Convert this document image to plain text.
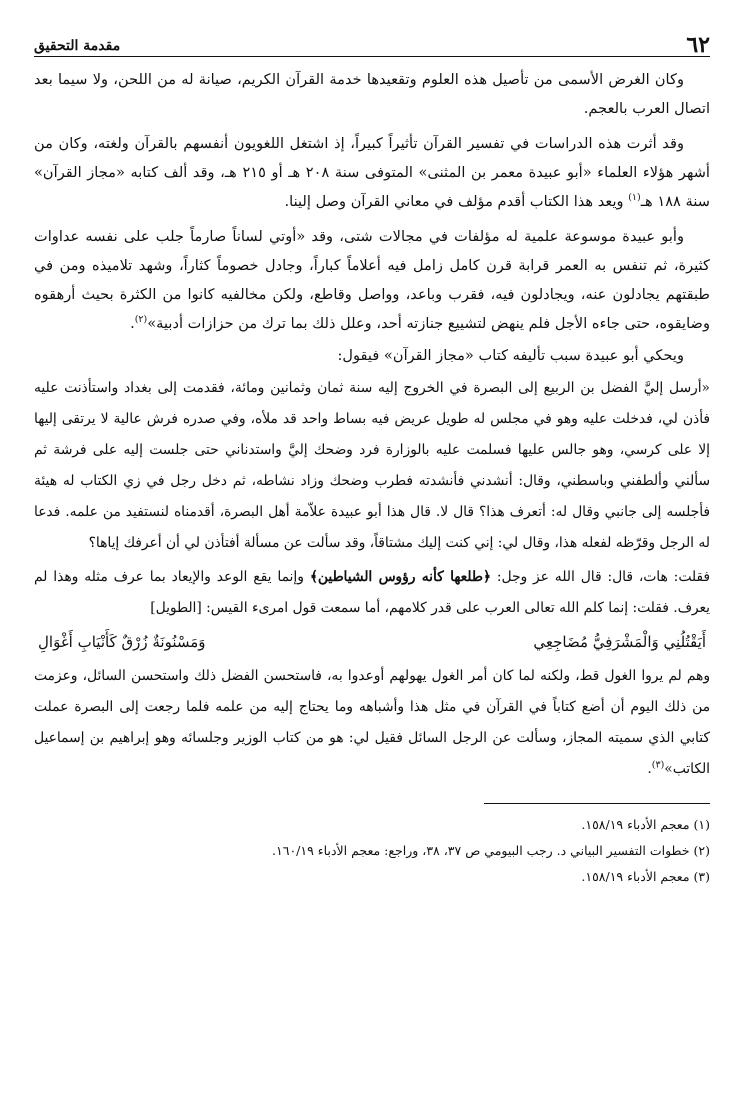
٦٢
مقدمة التحقيق

وكان الغرض الأسمى من تأصيل هذه العلوم وتقعيدها خدمة القرآن الكريم، صيانة له من اللحن، ولا سيما بعد اتصال العرب بالعجم.

وقد أثرت هذه الدراسات في تفسير القرآن تأثيراً كبيراً، إذ اشتغل اللغويون أنفسهم بالقرآن ولغته، وكان من أشهر هؤلاء العلماء «أبو عبيدة معمر بن المثنى» المتوفى سنة ٢٠٨ هـ أو ٢١٥ هـ، وقد ألف كتابه «مجاز القرآن» سنة ١٨٨ هـ$^{(١)}$ ويعد هذا الكتاب أقدم مؤلف في معاني القرآن وصل إلينا.

وأبو عبيدة موسوعة علمية له مؤلفات في مجالات شتى، وقد «أوتي لساناً صارماً جلب على نفسه عداوات كثيرة، ثم تنفس به العمر قرابة قرن كامل زامل فيه أعلاماً كباراً، وجادل خصوماً كثاراً، وشهد تلاميذه ومن في طبقتهم يجادلون عنه، ويجادلون فيه، فقرب وباعد، وواصل وقاطع، ولكن مخالفيه كانوا من الكثرة بحيث أرهقوه وضايقوه، حتى جاءه الأجل فلم ينهض لتشييع جنازته أحد، وعلل ذلك بما ترك من حزازات أدبية»$^{(٢)}$.

ويحكي أبو عبيدة سبب تأليفه كتاب «مجاز القرآن» فيقول:

«أرسل إليَّ الفضل بن الربيع إلى البصرة في الخروج إليه سنة ثمان وثمانين ومائة، فقدمت إلى بغداد واستأذنت عليه فأذن لي، فدخلت عليه وهو في مجلس له طويل عريض فيه بساط واحد قد ملأه، وفي صدره فرش عالية لا يرتقى إليها إلا على كرسي، وهو جالس عليها فسلمت عليه بالوزارة فرد وضحك إليَّ واستدناني حتى جلست إليه على فرشة ثم سألني وألطفني وباسطني، وقال: أنشدني فأنشدته فطرب وضحك وزاد نشاطه، ثم دخل رجل في زي الكتاب له هيئة فأجلسه إلى جانبي وقال له: أتعرف هذا؟ قال لا. قال هذا أبو عبيدة علاّمة أهل البصرة، أقدمناه لنستفيد من علمه. فدعا له الرجل وقرّظه لفعله هذا، وقال لي: إني كنت إليك مشتاقاً، وقد سألت عن مسألة أفتأذن لي أن أعرفك إياها؟

فقلت: هات، قال: قال الله عز وجل: ﴿طلعها كأنه رؤوس الشياطين﴾ وإنما يقع الوعد والإيعاد بما عرف مثله وهذا لم يعرف. فقلت: إنما كلم الله تعالى العرب على قدر كلامهم، أما سمعت قول امرىء القيس: [الطويل]

أَيَقْتُلُنِي وَالْمَشْرَفِيُّ مُضَاجِعِي
وَمَسْنُونَةٌ زُرْقٌ كَأَنْيَابِ أَغْوَالِ

وهم لم يروا الغول قط، ولكنه لما كان أمر الغول يهولهم أوعدوا به، فاستحسن الفضل ذلك واستحسن السائل، وعزمت من ذلك اليوم أن أضع كتاباً في القرآن في مثل هذا وأشباهه وما يحتاج إليه من علمه فلما رجعت إلى البصرة عملت كتابي الذي سميته المجاز، وسألت عن الرجل السائل فقيل لي: هو من كتاب الوزير وجلسائه وهو إبراهيم بن إسماعيل الكاتب»$^{(٣)}$.

(١) معجم الأدباء ١٥٨/١٩.
(٢) خطوات التفسير البياني د. رجب البيومي ص ٣٧، ٣٨، وراجع: معجم الأدباء ١٦٠/١٩.
(٣) معجم الأدباء ١٥٨/١٩.
